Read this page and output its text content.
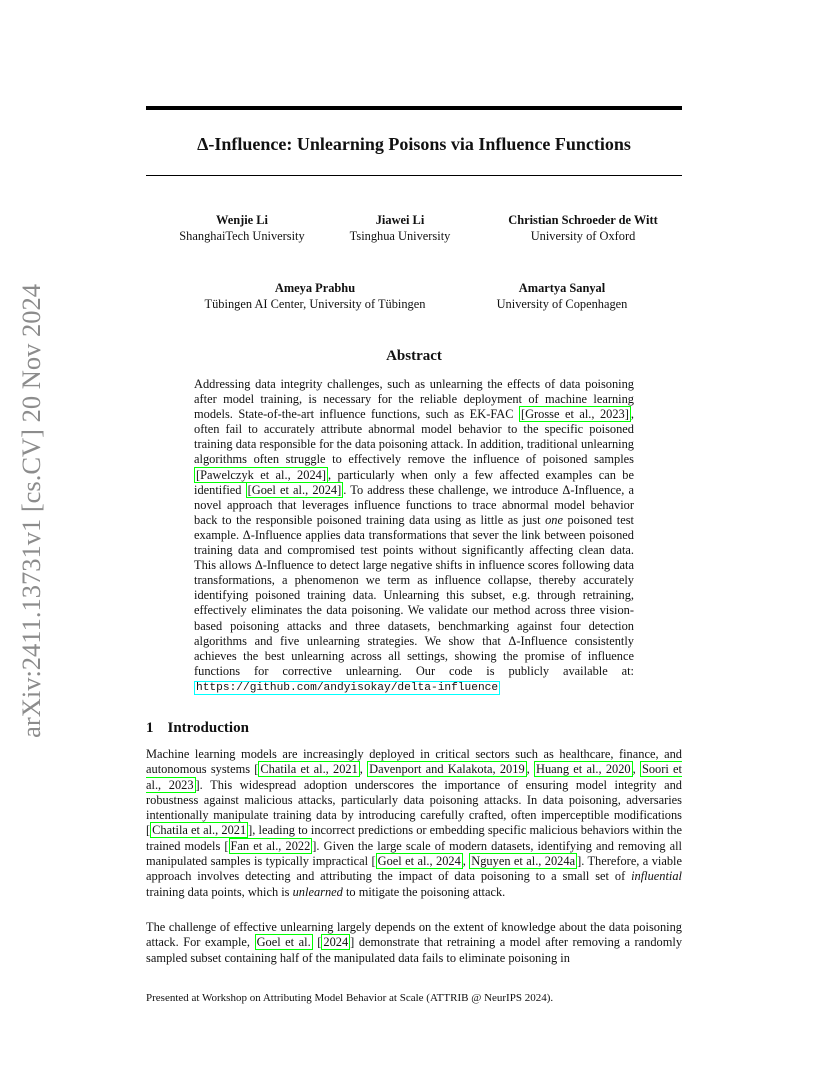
arXiv:2411.13731v1 [cs.CV] 20 Nov 2024
Δ-Influence: Unlearning Poisons via Influence Functions
Wenjie Li
ShanghaiTech University
Jiawei Li
Tsinghua University
Christian Schroeder de Witt
University of Oxford
Ameya Prabhu
Tübingen AI Center, University of Tübingen
Amartya Sanyal
University of Copenhagen
Abstract

Addressing data integrity challenges, such as unlearning the effects of data poisoning after model training, is necessary for the reliable deployment of machine learning models. State-of-the-art influence functions, such as EK-FAC [Grosse et al., 2023] , often fail to accurately attribute abnormal model behavior to the specific poisoned training data responsible for the data poisoning attack. In addition, traditional unlearning algorithms often struggle to effectively remove the influence of poisoned samples [Pawelczyk et al., 2024] , particularly when only a few affected examples can be identified [Goel et al., 2024] . To address these challenge, we introduce Δ-Influence, a novel approach that leverages influence functions to trace abnormal model behavior back to the responsible poisoned training data using as little as just one poisoned test example. Δ-Influence applies data transformations that sever the link between poisoned training data and compromised test points without significantly affecting clean data. This allows Δ-Influence to detect large negative shifts in influence scores following data transformations, a phenomenon we term as influence collapse, thereby accurately identifying poisoned training data. Unlearning this subset, e.g. through retraining, effectively eliminates the data poisoning. We validate our method across three vision-based poisoning attacks and three datasets, benchmarking against four detection algorithms and five unlearning strategies. We show that Δ-Influence consistently achieves the best unlearning across all settings, showing the promise of influence functions for corrective unlearning. Our code is publicly available at: https://github.com/andyisokay/delta-influence

1 Introduction

Machine learning models are increasingly deployed in critical sectors such as healthcare, finance, and autonomous systems [ Chatila et al., 2021 , Davenport and Kalakota, 2019 , Huang et al., 2020 , Soori et al., 2023 ]. This widespread adoption underscores the importance of ensuring model integrity and robustness against malicious attacks, particularly data poisoning attacks. In data poisoning, adversaries intentionally manipulate training data by introducing carefully crafted, often imperceptible modifications [ Chatila et al., 2021 ], leading to incorrect predictions or embedding specific malicious behaviors within the trained models [ Fan et al., 2022 ]. Given the large scale of modern datasets, identifying and removing all manipulated samples is typically impractical [ Goel et al., 2024 , Nguyen et al., 2024a ]. Therefore, a viable approach involves detecting and attributing the impact of data poisoning to a small set of influential training data points, which is unlearned to mitigate the poisoning attack.

The challenge of effective unlearning largely depends on the extent of knowledge about the data poisoning attack. For example, Goel et al. [ 2024 ] demonstrate that retraining a model after removing a randomly sampled subset containing half of the manipulated data fails to eliminate poisoning in

Presented at Workshop on Attributing Model Behavior at Scale (ATTRIB @ NeurIPS 2024).
